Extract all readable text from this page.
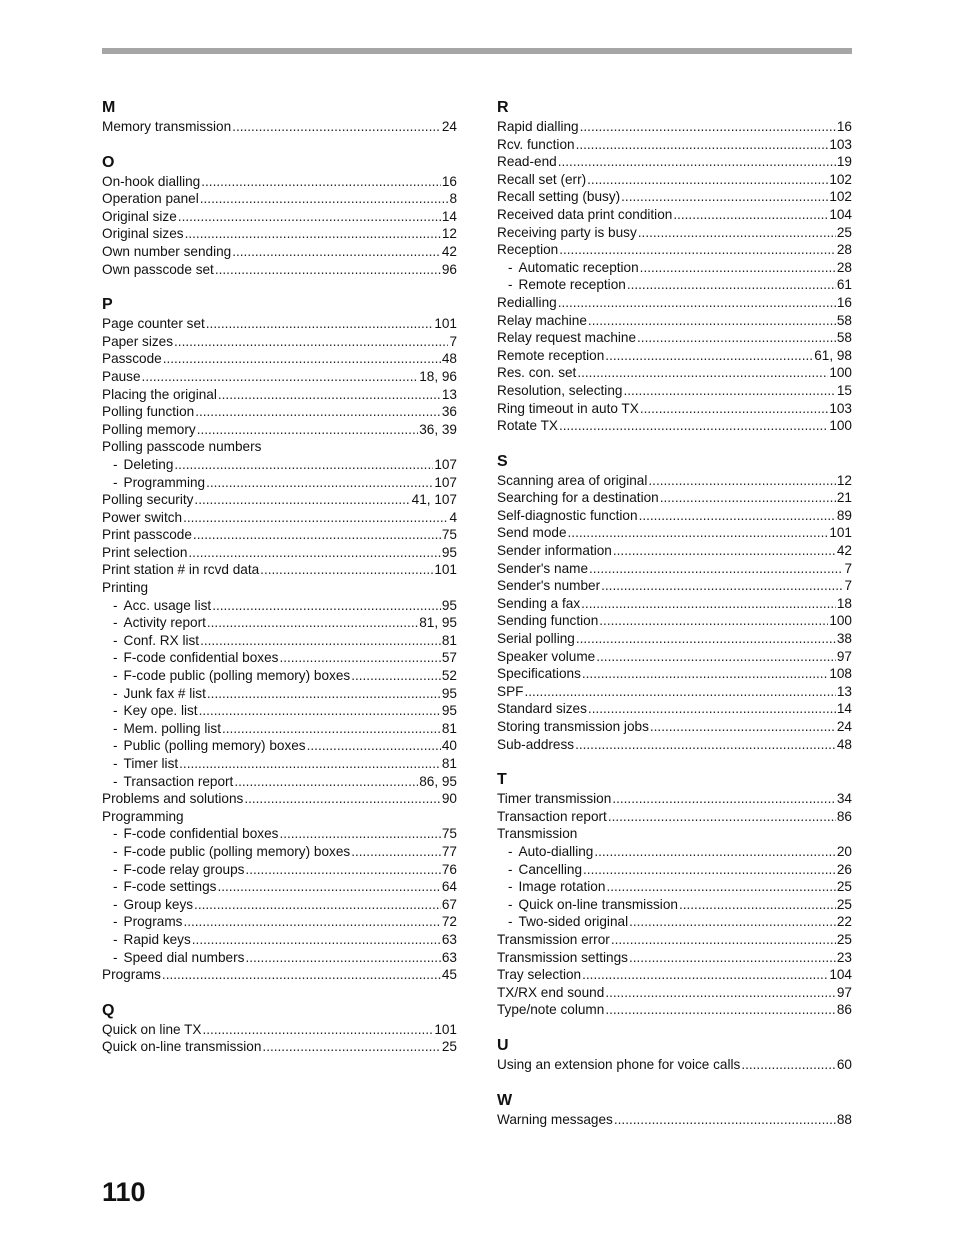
M
Memory transmission .....	24
O
On-hook dialling .....	16
Operation panel .....	8
Original size .....	14
Original sizes .....	12
Own number sending .....	42
Own passcode set .....	96
P
Page counter set .....	101
Paper sizes .....	7
Passcode .....	48
Pause .....	18, 96
Placing the original .....	13
Polling function .....	36
Polling memory .....	36, 39
Polling passcode numbers
- Deleting .....	107
- Programming .....	107
Polling security .....	41, 107
Power switch .....	4
Print passcode .....	75
Print selection .....	95
Print station # in rcvd data .....	101
Printing
- Acc. usage list .....	95
- Activity report .....	81, 95
- Conf. RX list .....	81
- F-code confidential boxes .....	57
- F-code public (polling memory) boxes .....	52
- Junk fax # list .....	95
- Key ope. list .....	95
- Mem. polling list .....	81
- Public (polling memory) boxes .....	40
- Timer list .....	81
- Transaction report .....	86, 95
Problems and solutions .....	90
Programming
- F-code confidential boxes .....	75
- F-code public (polling memory) boxes .....	77
- F-code relay groups .....	76
- F-code settings .....	64
- Group keys .....	67
- Programs .....	72
- Rapid keys .....	63
- Speed dial numbers .....	63
Programs .....	45
Q
Quick on line TX .....	101
Quick on-line transmission .....	25
R
Rapid dialling .....	16
Rcv. function .....	103
Read-end .....	19
Recall set (err) .....	102
Recall setting (busy) .....	102
Received data print condition .....	104
Receiving party is busy .....	25
Reception .....	28
- Automatic reception .....	28
- Remote reception .....	61
Redialling .....	16
Relay machine .....	58
Relay request machine .....	58
Remote reception .....	61, 98
Res. con. set .....	100
Resolution, selecting .....	15
Ring timeout in auto TX .....	103
Rotate TX .....	100
S
Scanning area of original .....	12
Searching for a destination .....	21
Self-diagnostic function .....	89
Send mode .....	101
Sender information .....	42
Sender's name .....	7
Sender's number .....	7
Sending a fax .....	18
Sending function .....	100
Serial polling .....	38
Speaker volume .....	97
Specifications .....	108
SPF .....	13
Standard sizes .....	14
Storing transmission jobs .....	24
Sub-address .....	48
T
Timer transmission .....	34
Transaction report .....	86
Transmission
- Auto-dialling .....	20
- Cancelling .....	26
- Image rotation .....	25
- Quick on-line transmission .....	25
- Two-sided original .....	22
Transmission error .....	25
Transmission settings .....	23
Tray selection .....	104
TX/RX end sound .....	97
Type/note column .....	86
U
Using an extension phone for voice calls .....	60
W
Warning messages .....	88
110
